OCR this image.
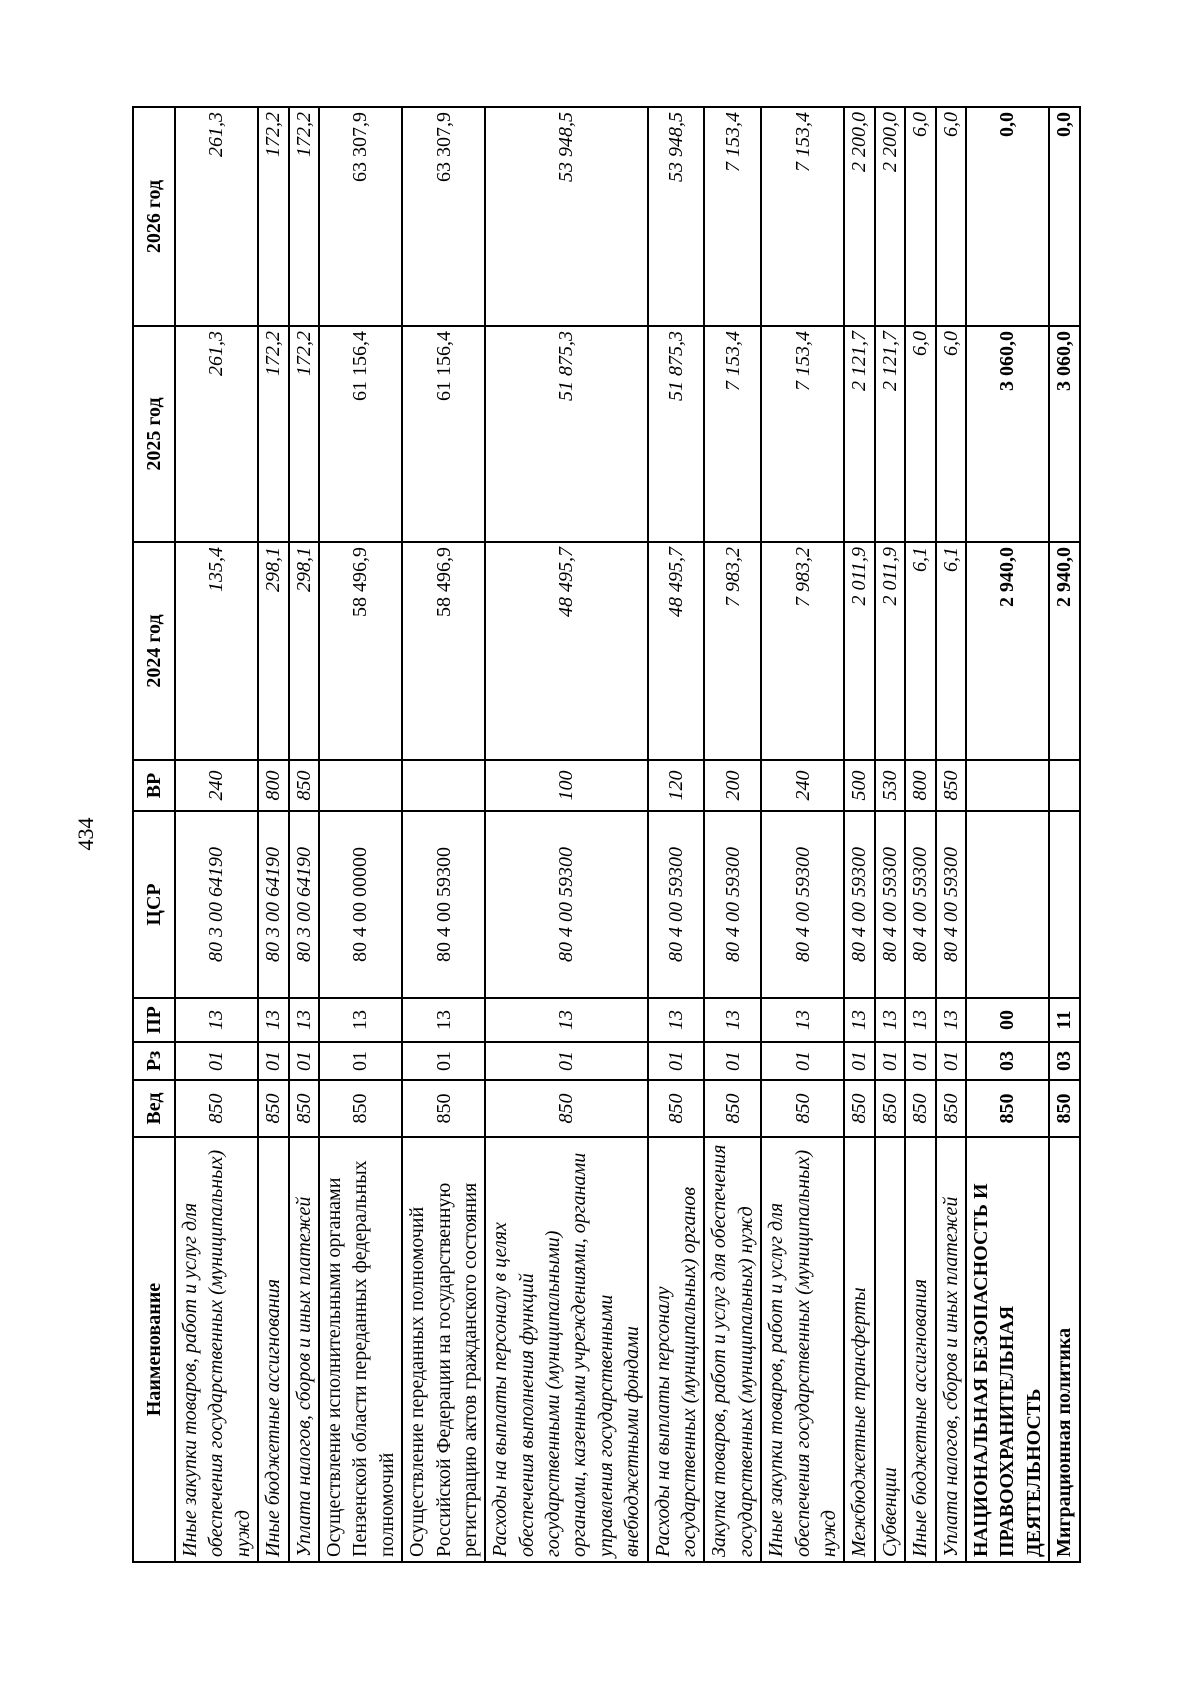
434
Наименование	Вед	Рз	ПР	ЦСР	ВР	2024 год	2025 год	2026 год
Иные закупки товаров, работ и услуг для обеспечения государственных (муниципальных) нужд	850	01	13	80 3 00 64190	240	135,4	261,3	261,3
Иные бюджетные ассигнования	850	01	13	80 3 00 64190	800	298,1	172,2	172,2
Уплата налогов, сборов и иных платежей	850	01	13	80 3 00 64190	850	298,1	172,2	172,2
Осуществление исполнительными органами Пензенской области переданных федеральных полномочий	850	01	13	80 4 00 00000		58 496,9	61 156,4	63 307,9
Осуществление переданных полномочий Российской Федерации на государственную регистрацию актов гражданского состояния	850	01	13	80 4 00 59300		58 496,9	61 156,4	63 307,9
Расходы на выплаты персоналу в целях обеспечения выполнения функций государственными (муниципальными) органами, казенными учреждениями, органами управления государственными внебюджетными фондами	850	01	13	80 4 00 59300	100	48 495,7	51 875,3	53 948,5
Расходы на выплаты персоналу государственных (муниципальных) органов	850	01	13	80 4 00 59300	120	48 495,7	51 875,3	53 948,5
Закупка товаров, работ и услуг для обеспечения государственных (муниципальных) нужд	850	01	13	80 4 00 59300	200	7 983,2	7 153,4	7 153,4
Иные закупки товаров, работ и услуг для обеспечения государственных (муниципальных) нужд	850	01	13	80 4 00 59300	240	7 983,2	7 153,4	7 153,4
Межбюджетные трансферты	850	01	13	80 4 00 59300	500	2 011,9	2 121,7	2 200,0
Субвенции	850	01	13	80 4 00 59300	530	2 011,9	2 121,7	2 200,0
Иные бюджетные ассигнования	850	01	13	80 4 00 59300	800	6,1	6,0	6,0
Уплата налогов, сборов и иных платежей	850	01	13	80 4 00 59300	850	6,1	6,0	6,0
НАЦИОНАЛЬНАЯ БЕЗОПАСНОСТЬ И ПРАВООХРАНИТЕЛЬНАЯ ДЕЯТЕЛЬНОСТЬ	850	03	00			2 940,0	3 060,0	0,0
Миграционная политика	850	03	11			2 940,0	3 060,0	0,0
